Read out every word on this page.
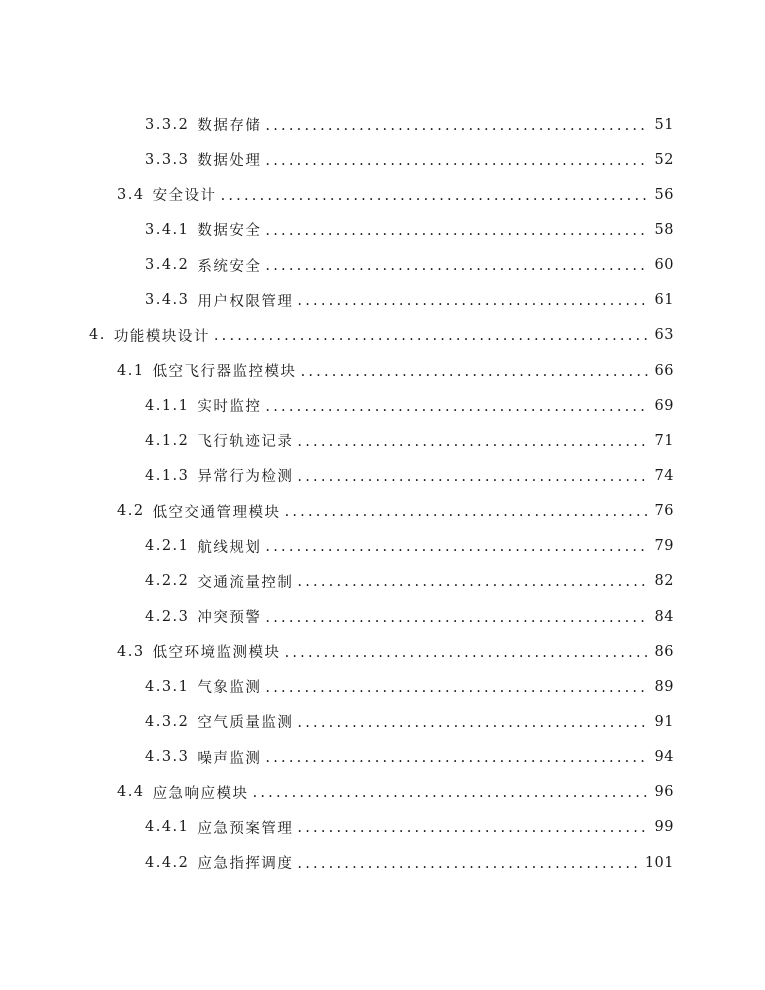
3.3.2 数据存储 .....	51
3.3.3 数据处理 .....	52
3.4 安全设计 .....	56
3.4.1 数据安全 .....	58
3.4.2 系统安全 .....	60
3.4.3 用户权限管理 .....	61
4. 功能模块设计 .....	63
4.1 低空飞行器监控模块 .....	66
4.1.1 实时监控 .....	69
4.1.2 飞行轨迹记录 .....	71
4.1.3 异常行为检测 .....	74
4.2 低空交通管理模块 .....	76
4.2.1 航线规划 .....	79
4.2.2 交通流量控制 .....	82
4.2.3 冲突预警 .....	84
4.3 低空环境监测模块 .....	86
4.3.1 气象监测 .....	89
4.3.2 空气质量监测 .....	91
4.3.3 噪声监测 .....	94
4.4 应急响应模块 .....	96
4.4.1 应急预案管理 .....	99
4.4.2 应急指挥调度 .....	101
